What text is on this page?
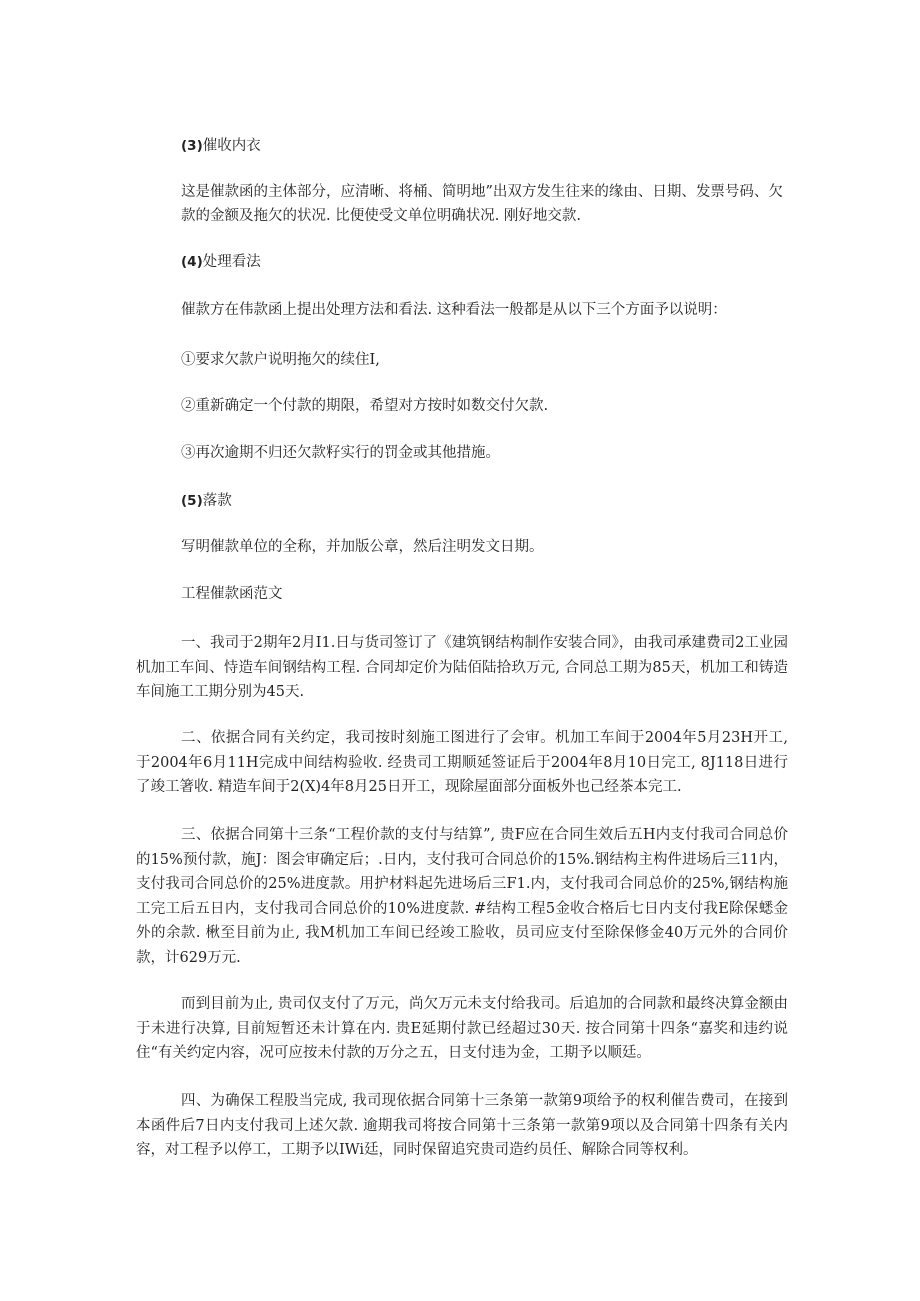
(3)催收内衣

这是催款函的主体部分，应清晰、将桶、简明地”出双方发生往来的缘由、日期、发票号码、欠款的金额及拖欠的状况. 比便使受文单位明确状况. 刚好地交款.

(4)处理看法

催款方在伟款函上提出处理方法和看法. 这种看法一般都是从以下三个方面予以说明：

①要求欠款户说明拖欠的续住I,

②重新确定一个付款的期限，希望对方按时如数交付欠款.

③再次逾期不归还欠款籽实行的罚金或其他措施。

(5)落款

写明催款单位的全称，并加版公章，然后注明发文日期。

工程催款函范文

一、我司于2期年2月I1.日与货司签订了《建筑钢结构制作安装合同》，由我司承建费司2工业园机加工车间、恃造车间钢结构工程. 合同却定价为陆佰陆拾玖万元, 合同总工期为85天，机加工和铸造车间施工工期分别为45天.

二、依据合同有关约定，我司按时刻施工图进行了会审。机加工车间于2004年5月23H开工, 于2004年6月11H完成中间结构验收. 经贵司工期顺延签证后于2004年8月10日完工, 8J118日进行了竣工箸收. 精造车间于2(X)4年8月25日开工，现除屋面部分面板外也己经茶本完工.

三、依据合同第十三条“工程价款的支付与结算”, 贵F应在合同生效后五H内支付我司合同总价的15%预付款，施J：图会审确定后；.日内，支付我可合同总价的15%.钢结构主构件进场后三11内，支付我司合同总价的25%进度款。用护材料起先进场后三F1.内，支付我司合同总价的25%,钢结构施工完工后五日内，支付我司合同总价的10%进度款. #结构工程5金收合格后七日内支付我E除保蟋金外的余款. 楸至目前为止, 我M机加工车间已经竣工脸收，员司应支付至除保修金40万元外的合同价款，计629万元.

而到目前为止, 贵司仅支付了万元，尚欠万元未支付给我司。后追加的合同款和最终决算金额由于未进行决算, 目前短暂还未计算在内. 贵E延期付款已经超过30天. 按合同第十四条“嘉奖和违约说住“有关约定内容，况可应按未付款的万分之五，日支付违为金，工期予以顺廷。

四、为确保工程股当完成, 我司现依据合同第十三条第一款第9项给予的权利催告费司，在接到本函件后7日内支付我司上述欠款. 逾期我司将按合同第十三条第一款第9项以及合同第十四条有关内容，对工程予以停工，工期予以IWi廷，同时保留追究贵司造约员任、解除合同等权利。
